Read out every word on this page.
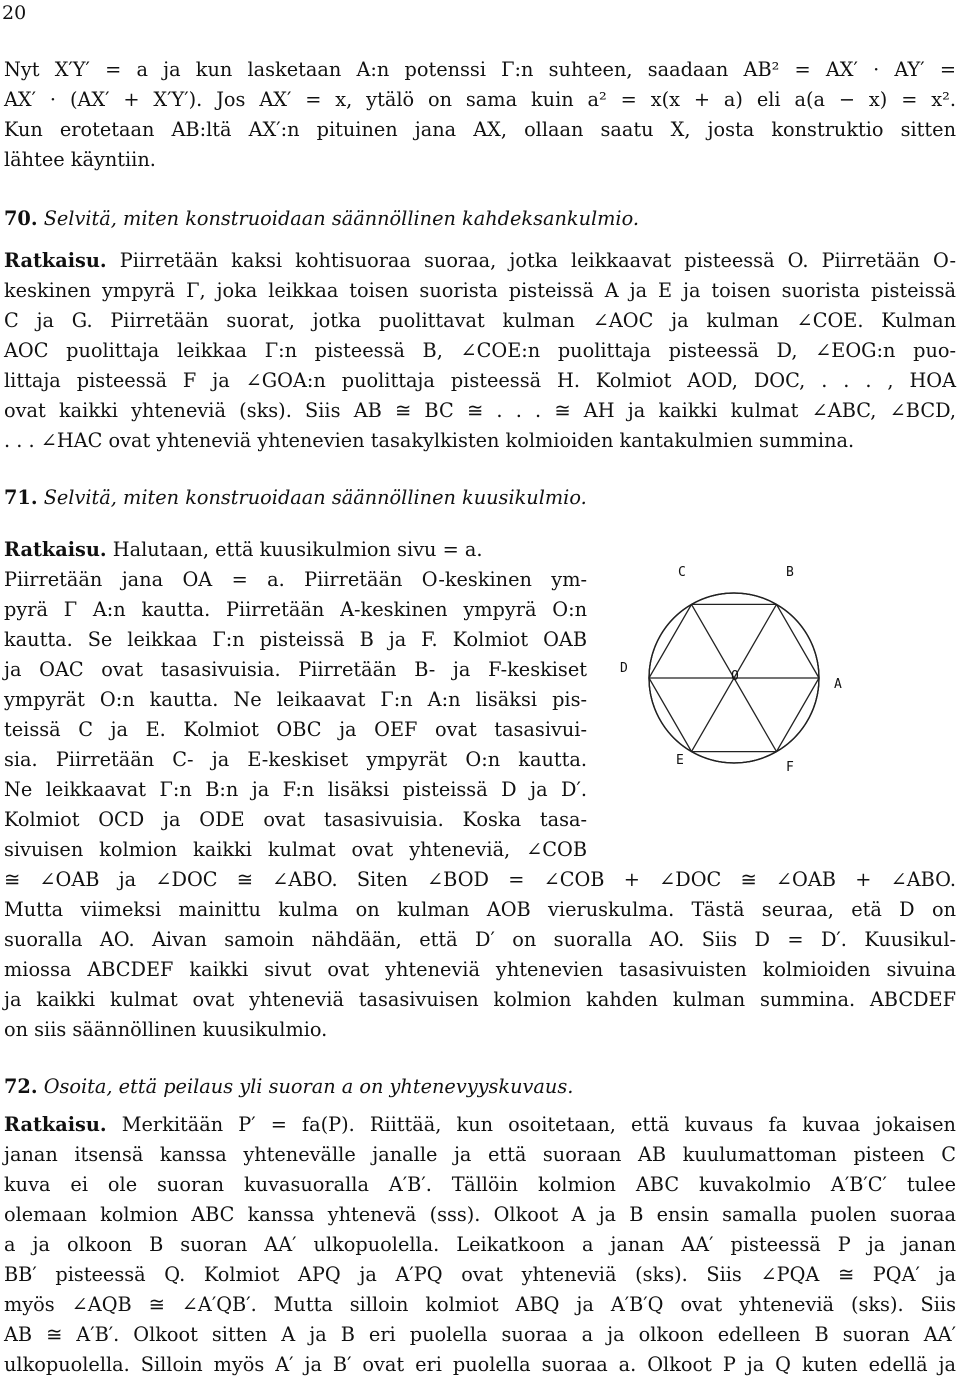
20
Nyt X′Y′ = a ja kun lasketaan A:n potenssi Γ:n suhteen, saadaan AB² = AX′ · AY′ =
AX′ · (AX′ + X′Y′). Jos AX′ = x, ytälö on sama kuin a² = x(x + a) eli a(a − x) = x².
Kun erotetaan AB:ltä AX′:n pituinen jana AX, ollaan saatu X, josta konstruktio sitten
lähtee käyntiin.
70. Selvitä, miten konstruoidaan säännöllinen kahdeksankulmio.
Ratkaisu. Piirretään kaksi kohtisuoraa suoraa, jotka leikkaavat pisteessä O. Piirretään O-
keskinen ympyrä Γ, joka leikkaa toisen suorista pisteissä A ja E ja toisen suorista pisteissä
C ja G. Piirretään suorat, jotka puolittavat kulman ∠AOC ja kulman ∠COE. Kulman
AOC puolittaja leikkaa Γ:n pisteessä B, ∠COE:n puolittaja pisteessä D, ∠EOG:n puo-
littaja pisteessä F ja ∠GOA:n puolittaja pisteessä H. Kolmiot AOD, DOC, . . . , HOA
ovat kaikki yhteneviä (sks). Siis AB ≅ BC ≅ . . . ≅ AH ja kaikki kulmat ∠ABC, ∠BCD,
. . . ∠HAC ovat yhteneviä yhtenevien tasakylkisten kolmioiden kantakulmien summina.
71. Selvitä, miten konstruoidaan säännöllinen kuusikulmio.
Ratkaisu. Halutaan, että kuusikulmion sivu = a.
Piirretään jana OA = a. Piirretään O-keskinen ym-
pyrä Γ A:n kautta. Piirretään A-keskinen ympyrä O:n
kautta. Se leikkaa Γ:n pisteissä B ja F. Kolmiot OAB
ja OAC ovat tasasivuisia. Piirretään B- ja F-keskiset
ympyrät O:n kautta. Ne leikaavat Γ:n A:n lisäksi pis-
teissä C ja E. Kolmiot OBC ja OEF ovat tasasivui-
sia. Piirretään C- ja E-keskiset ympyrät O:n kautta.
Ne leikkaavat Γ:n B:n ja F:n lisäksi pisteissä D ja D′.
Kolmiot OCD ja ODE ovat tasasivuisia. Koska tasa-
sivuisen kolmion kaikki kulmat ovat yhteneviä, ∠COB
≅ ∠OAB ja ∠DOC ≅ ∠ABO. Siten ∠BOD = ∠COB + ∠DOC ≅ ∠OAB + ∠ABO.
Mutta viimeksi mainittu kulma on kulman AOB vieruskulma. Tästä seuraa, etä D on
suoralla AO. Aivan samoin nähdään, että D′ on suoralla AO. Siis D = D′. Kuusikul-
miossa ABCDEF kaikki sivut ovat yhteneviä yhtenevien tasasivuisten kolmioiden sivuina
ja kaikki kulmat ovat yhteneviä tasasivuisen kolmion kahden kulman summina. ABCDEF
on siis säännöllinen kuusikulmio.
72. Osoita, että peilaus yli suoran a on yhtenevyyskuvaus.
Ratkaisu. Merkitään P′ = fa(P). Riittää, kun osoitetaan, että kuvaus fa kuvaa jokaisen
janan itsensä kanssa yhtenevälle janalle ja että suoraan AB kuulumattoman pisteen C
kuva ei ole suoran kuvasuoralla A′B′. Tällöin kolmion ABC kuvakolmio A′B′C′ tulee
olemaan kolmion ABC kanssa yhtenevä (sss). Olkoot A ja B ensin samalla puolen suoraa
a ja olkoon B suoran AA′ ulkopuolella. Leikatkoon a janan AA′ pisteessä P ja janan
BB′ pisteessä Q. Kolmiot APQ ja A′PQ ovat yhteneviä (sks). Siis ∠PQA ≅ PQA′ ja
myös ∠AQB ≅ ∠A′QB′. Mutta silloin kolmiot ABQ ja A′B′Q ovat yhteneviä (sks). Siis
AB ≅ A′B′. Olkoot sitten A ja B eri puolella suoraa a ja olkoon edelleen B suoran AA′
ulkopuolella. Silloin myös A′ ja B′ ovat eri puolella suoraa a. Olkoot P ja Q kuten edellä ja
C	B
D
O
A
E	F
